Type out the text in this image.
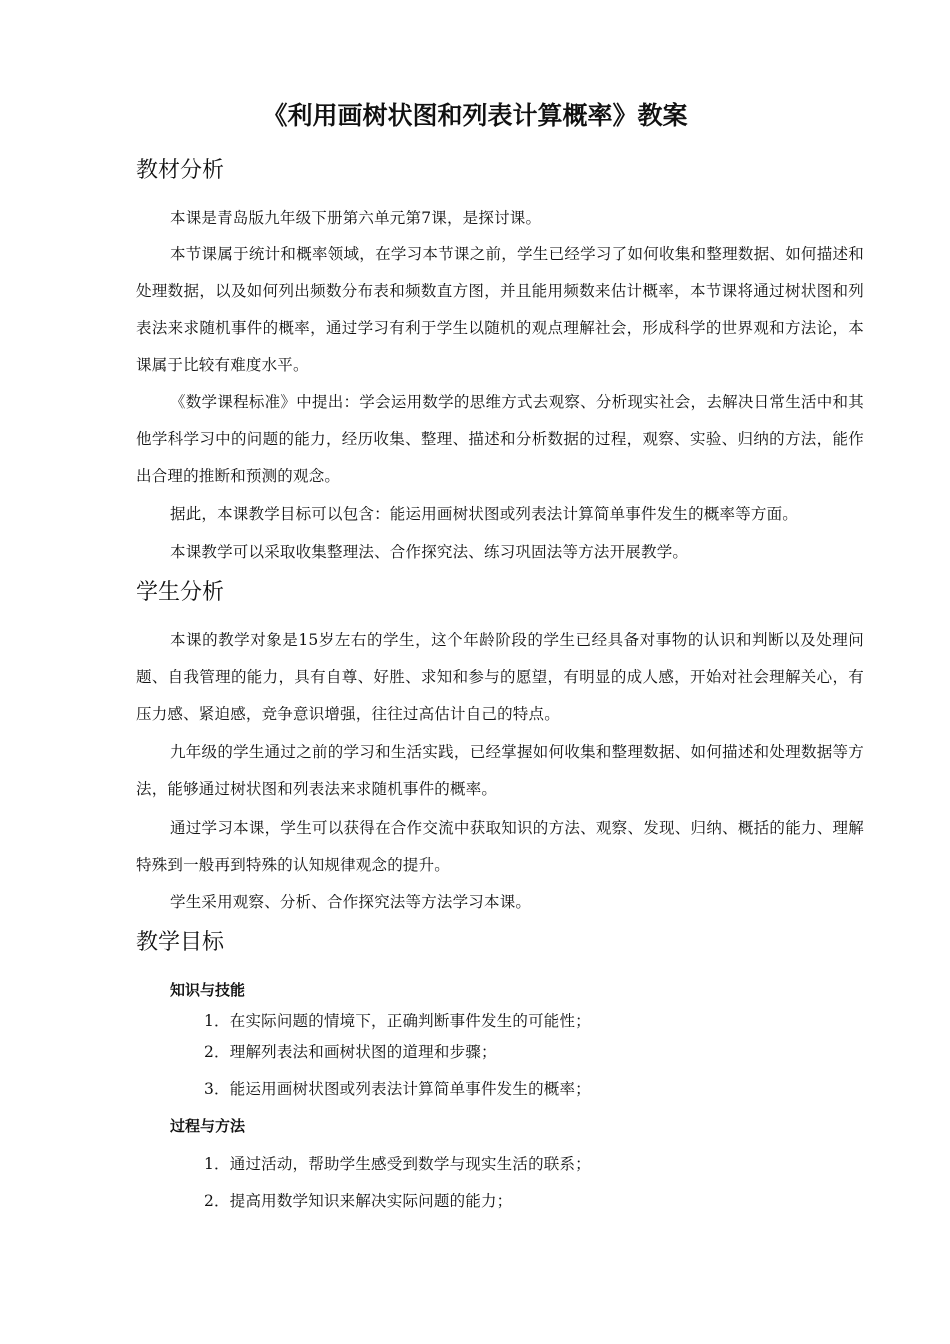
《利用画树状图和列表计算概率》教案
教材分析
本课是青岛版九年级下册第六单元第7课，是探讨课。
本节课属于统计和概率领域，在学习本节课之前，学生已经学习了如何收集和整理数据、如何描述和处理数据，以及如何列出频数分布表和频数直方图，并且能用频数来估计概率，本节课将通过树状图和列表法来求随机事件的概率，通过学习有利于学生以随机的观点理解社会，形成科学的世界观和方法论，本课属于比较有难度水平。
《数学课程标准》中提出：学会运用数学的思维方式去观察、分析现实社会，去解决日常生活中和其他学科学习中的问题的能力，经历收集、整理、描述和分析数据的过程，观察、实验、归纳的方法，能作出合理的推断和预测的观念。
据此，本课教学目标可以包含：能运用画树状图或列表法计算简单事件发生的概率等方面。
本课教学可以采取收集整理法、合作探究法、练习巩固法等方法开展教学。
学生分析
本课的教学对象是15岁左右的学生，这个年龄阶段的学生已经具备对事物的认识和判断以及处理问题、自我管理的能力，具有自尊、好胜、求知和参与的愿望，有明显的成人感，开始对社会理解关心，有压力感、紧迫感，竞争意识增强，往往过高估计自己的特点。
九年级的学生通过之前的学习和生活实践，已经掌握如何收集和整理数据、如何描述和处理数据等方法，能够通过树状图和列表法来求随机事件的概率。
通过学习本课，学生可以获得在合作交流中获取知识的方法、观察、发现、归纳、概括的能力、理解特殊到一般再到特殊的认知规律观念的提升。
学生采用观察、分析、合作探究法等方法学习本课。
教学目标
知识与技能
1．在实际问题的情境下，正确判断事件发生的可能性；
2．理解列表法和画树状图的道理和步骤；
3．能运用画树状图或列表法计算简单事件发生的概率；
过程与方法
1．通过活动，帮助学生感受到数学与现实生活的联系；
2．提高用数学知识来解决实际问题的能力；
